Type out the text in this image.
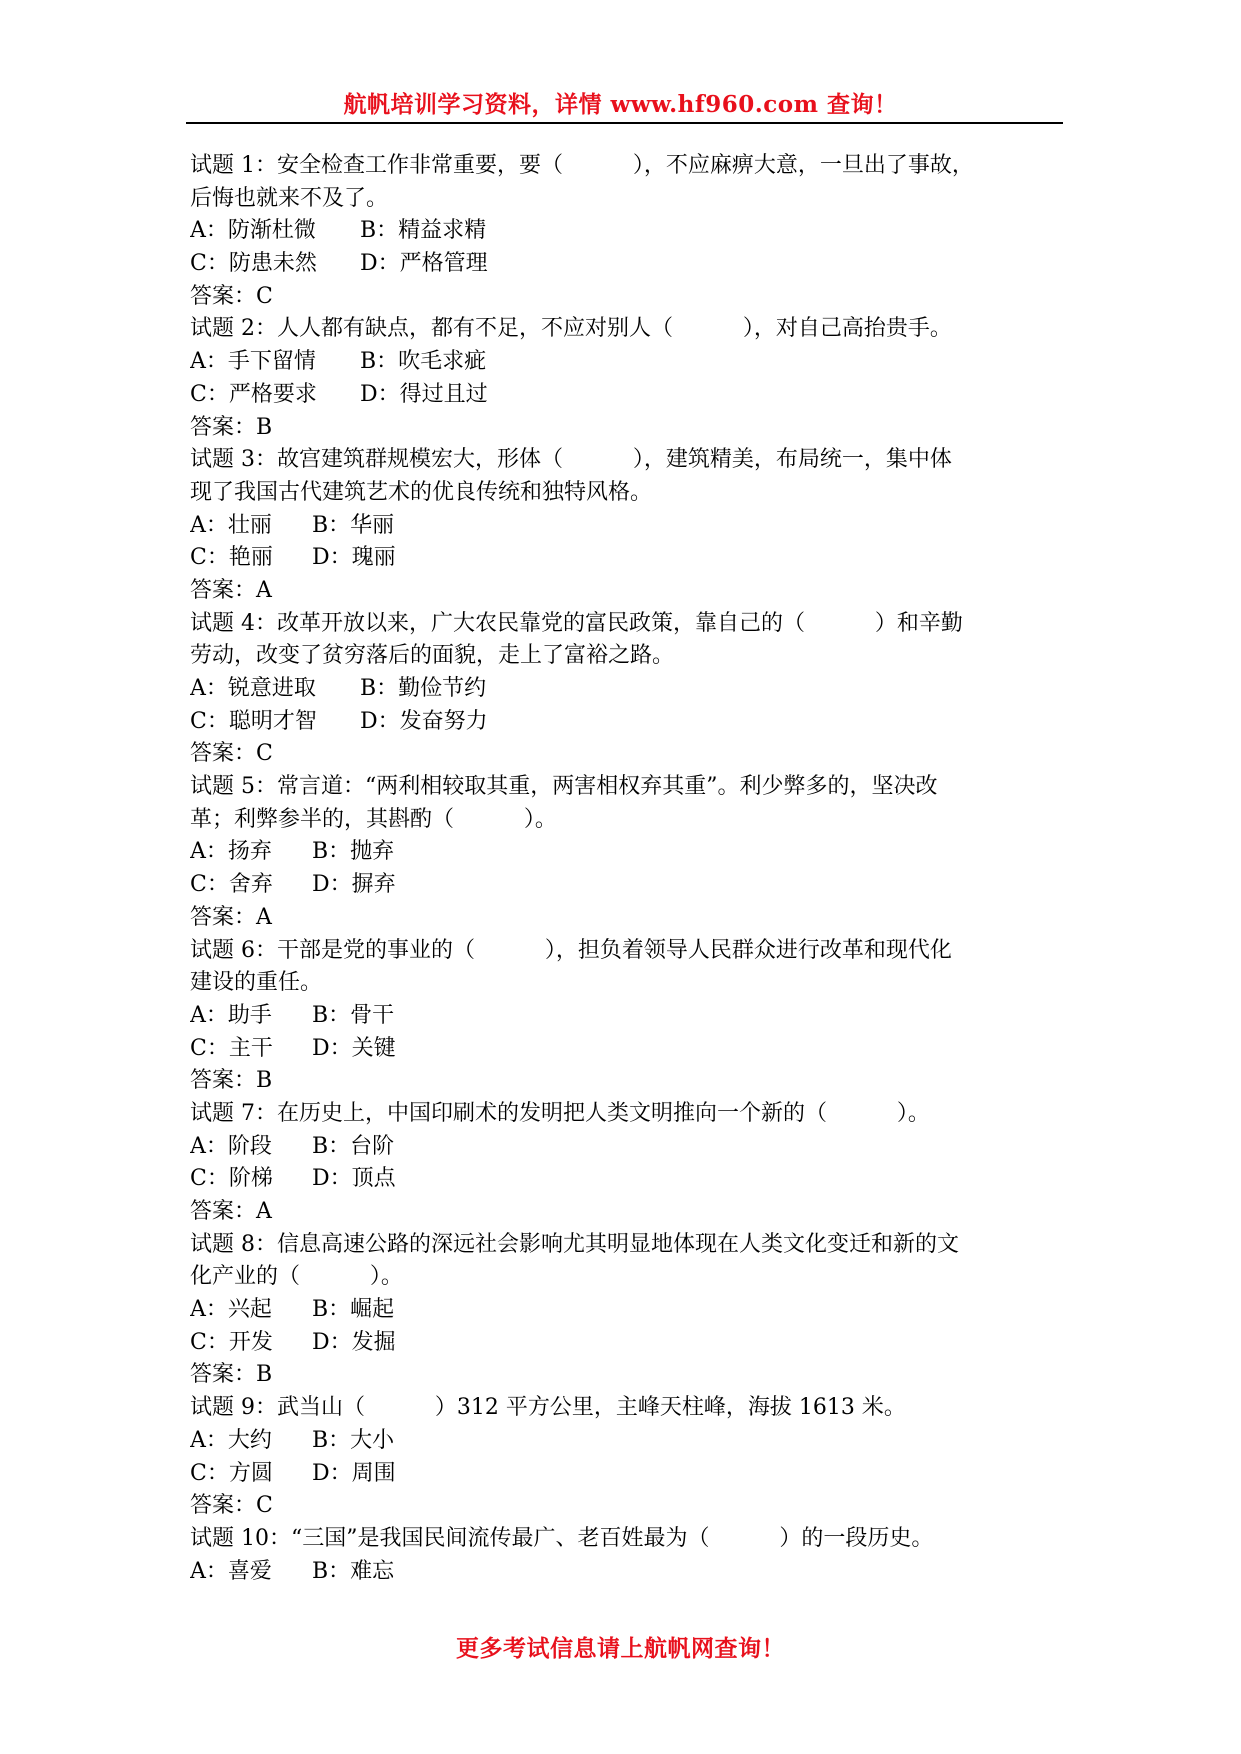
航帆培训学习资料，详情 www.hf960.com 查询！
试题 1：安全检查工作非常重要，要（          ），不应麻痹大意，一旦出了事故，
后悔也就来不及了。
A：防渐杜微 B：精益求精
C：防患未然 D：严格管理
答案：C
试题 2：人人都有缺点，都有不足，不应对别人（          ），对自己高抬贵手。
A：手下留情 B：吹毛求疵
C：严格要求 D：得过且过
答案：B
试题 3：故宫建筑群规模宏大，形体（          ），建筑精美，布局统一，集中体
现了我国古代建筑艺术的优良传统和独特风格。
A：壮丽 B：华丽
C：艳丽 D：瑰丽
答案：A
试题 4：改革开放以来，广大农民靠党的富民政策，靠自己的（          ）和辛勤
劳动，改变了贫穷落后的面貌，走上了富裕之路。
A：锐意进取 B：勤俭节约
C：聪明才智 D：发奋努力
答案：C
试题 5：常言道：“两利相较取其重，两害相权弃其重”。利少弊多的，坚决改
革；利弊参半的，其斟酌（          ）。
A：扬弃 B：抛弃
C：舍弃 D：摒弃
答案：A
试题 6：干部是党的事业的（          ），担负着领导人民群众进行改革和现代化
建设的重任。
A：助手 B：骨干
C：主干 D：关键
答案：B
试题 7：在历史上，中国印刷术的发明把人类文明推向一个新的（          ）。
A：阶段 B：台阶
C：阶梯 D：顶点
答案：A
试题 8：信息高速公路的深远社会影响尤其明显地体现在人类文化变迁和新的文
化产业的（          ）。
A：兴起 B：崛起
C：开发 D：发掘
答案：B
试题 9：武当山（          ）312 平方公里，主峰天柱峰，海拔 1613 米。
A：大约 B：大小
C：方圆 D：周围
答案：C
试题 10：“三国”是我国民间流传最广、老百姓最为（          ）的一段历史。
A：喜爱 B：难忘
更多考试信息请上航帆网查询！
